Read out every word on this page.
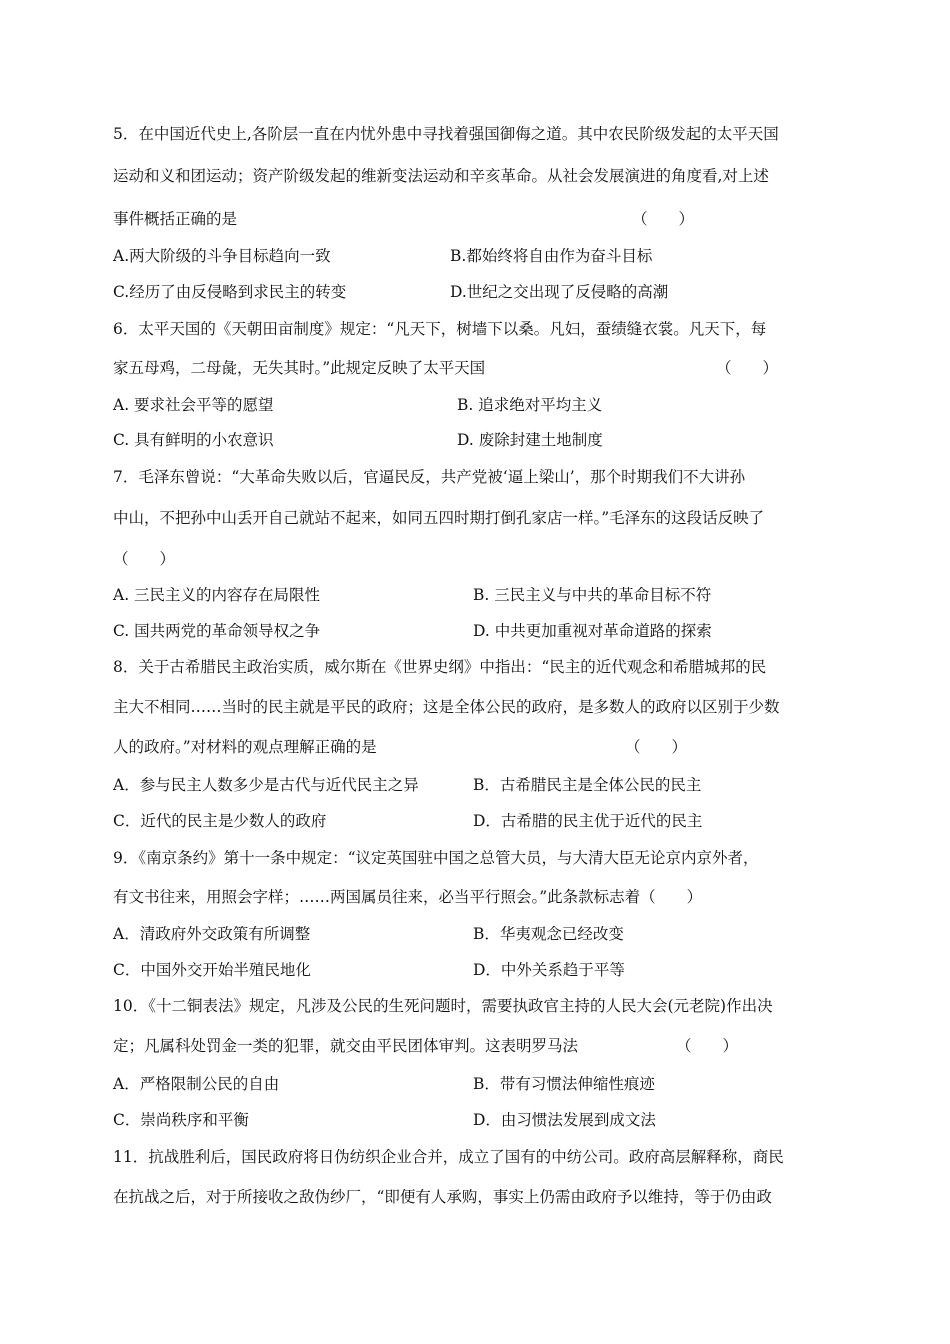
5．在中国近代史上,各阶层一直在内忧外患中寻找着强国御侮之道。其中农民阶级发起的太平天国
运动和义和团运动；资产阶级发起的维新变法运动和辛亥革命。从社会发展演进的角度看,对上述
事件概括正确的是	（　　）
A.两大阶级的斗争目标趋向一致	B.都始终将自由作为奋斗目标
C.经历了由反侵略到求民主的转变	D.世纪之交出现了反侵略的高潮
6．太平天国的《天朝田亩制度》规定：“凡天下，树墙下以桑。凡妇，蚕绩缝衣裳。凡天下，每
家五母鸡，二母彘，无失其时。”此规定反映了太平天国	（　　）
A. 要求社会平等的愿望	B. 追求绝对平均主义
C. 具有鲜明的小农意识	D. 废除封建土地制度
7．毛泽东曾说：“大革命失败以后，官逼民反，共产党被‘逼上梁山’，那个时期我们不大讲孙
中山，不把孙中山丢开自己就站不起来，如同五四时期打倒孔家店一样。”毛泽东的这段话反映了
（　　）
A. 三民主义的内容存在局限性	B. 三民主义与中共的革命目标不符
C. 国共两党的革命领导权之争	D. 中共更加重视对革命道路的探索
8．关于古希腊民主政治实质，威尔斯在《世界史纲》中指出：“民主的近代观念和希腊城邦的民
主大不相同……当时的民主就是平民的政府；这是全体公民的政府，是多数人的政府以区别于少数
人的政府。”对材料的观点理解正确的是	（　　）
A．参与民主人数多少是古代与近代民主之异	B．古希腊民主是全体公民的民主
C．近代的民主是少数人的政府	D．古希腊的民主优于近代的民主
9．《南京条约》第十一条中规定：“议定英国驻中国之总管大员，与大清大臣无论京内京外者，
有文书往来，用照会字样；……两国属员往来，必当平行照会。”此条款标志着（　　）
A．清政府外交政策有所调整	B．华夷观念已经改变
C．中国外交开始半殖民地化	D．中外关系趋于平等
10．《十二铜表法》规定，凡涉及公民的生死问题时，需要执政官主持的人民大会(元老院)作出决
定；凡属科处罚金一类的犯罪，就交由平民团体审判。这表明罗马法	（　　）
A．严格限制公民的自由	B．带有习惯法伸缩性痕迹
C．崇尚秩序和平衡	D．由习惯法发展到成文法
11．抗战胜利后，国民政府将日伪纺织企业合并，成立了国有的中纺公司。政府高层解释称，商民
在抗战之后，对于所接收之敌伪纱厂，“即便有人承购，事实上仍需由政府予以维持，等于仍由政
